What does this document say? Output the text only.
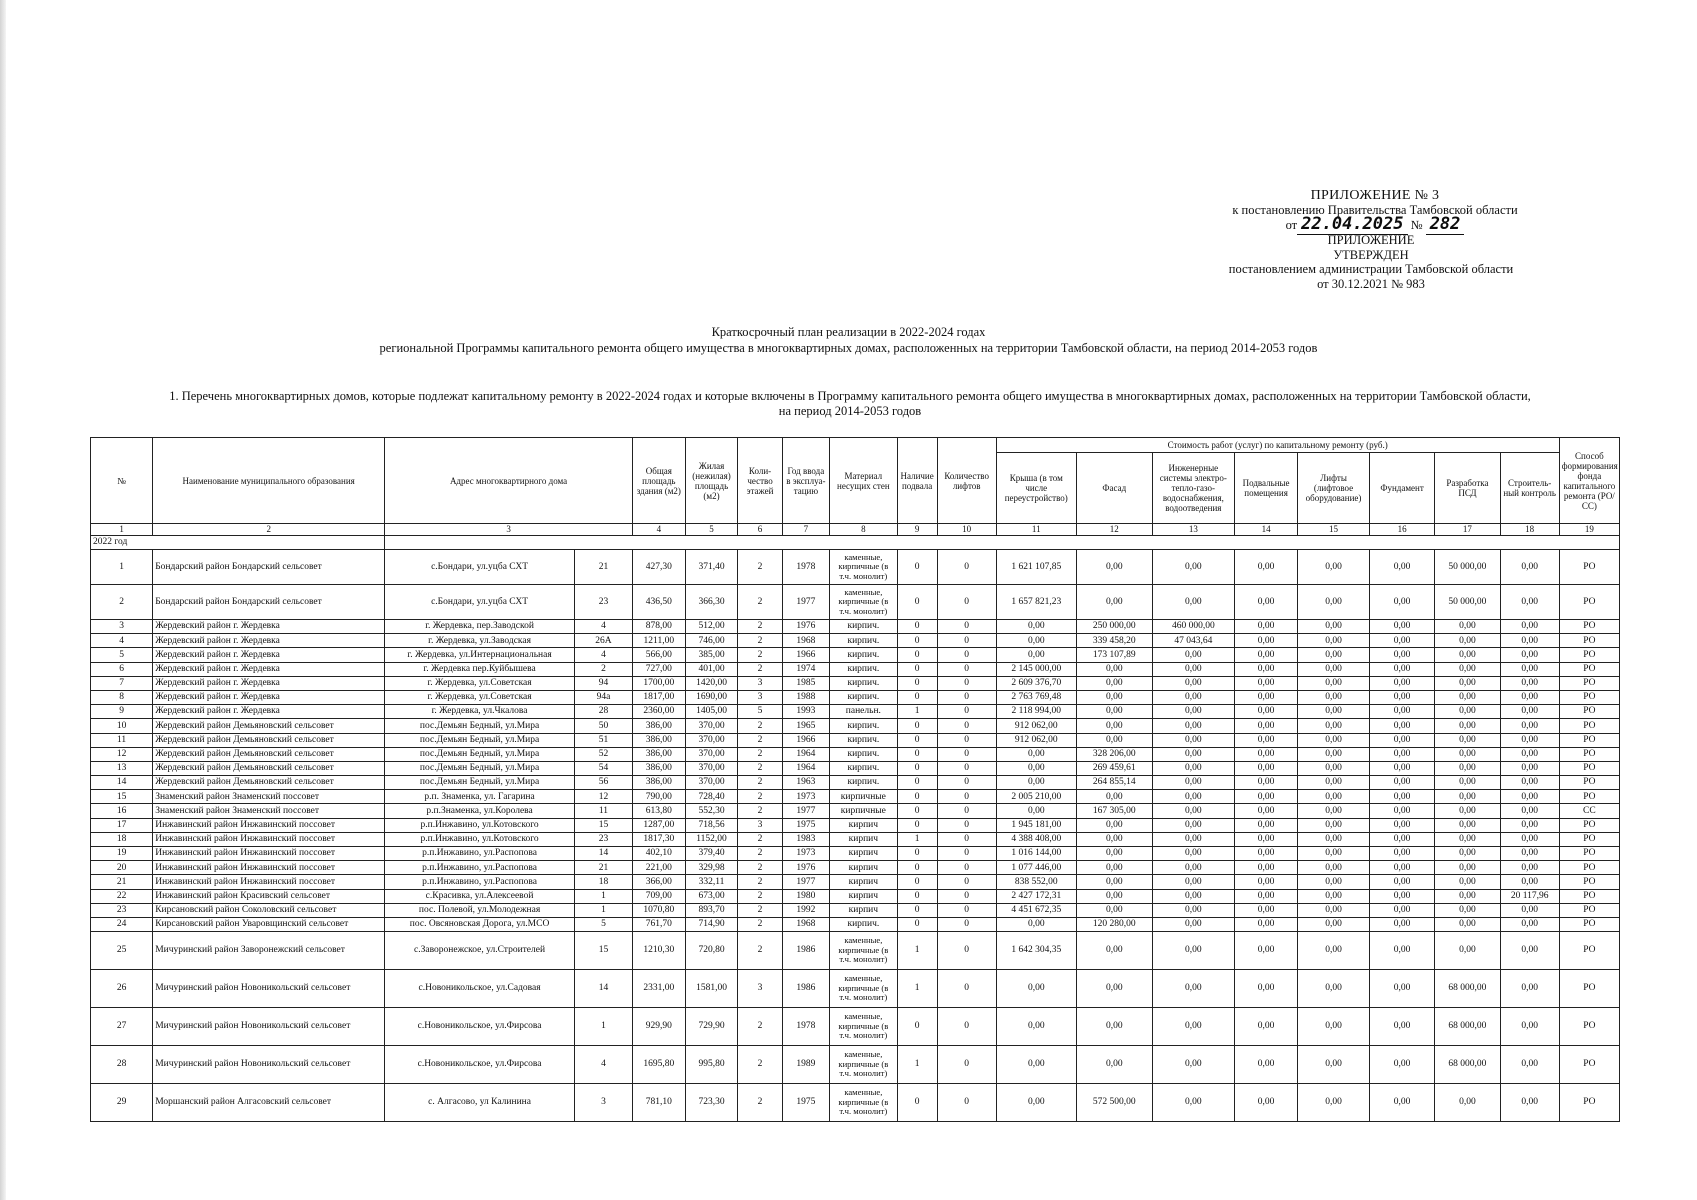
ПРИЛОЖЕНИЕ № 3
к постановлению Правительства Тамбовской области
от 22.04.2025 № 282
ПРИЛОЖЕНИЕ
УТВЕРЖДЕН
постановлением администрации Тамбовской области
от 30.12.2021 № 983
Краткосрочный план реализации в 2022-2024 годах
региональной Программы капитального ремонта общего имущества в многоквартирных домах, расположенных на территории Тамбовской области, на период 2014-2053 годов
1. Перечень многоквартирных домов, которые подлежат капитальному ремонту в 2022-2024 годах и которые включены в Программу капитального ремонта общего имущества в многоквартирных домах, расположенных на территории Тамбовской области,
на период 2014-2053 годов
№	Наименование муниципального образования	Адрес многоквартирного дома		Общая площадь здания (м2)	Жилая (нежилая) площадь (м2)	Коли-чество этажей	Год ввода в эксплуа-тацию	Материал несущих стен	Наличие подвала	Количество лифтов	Стоимость работ (услуг) по капитальному ремонту (руб.)								Способ формирования фонда капитального ремонта (РО/СС)
											Крыша (в том числе переустройство)	Фасад	Инженерные системы электро-тепло-газо-водоснабжения, водоотведения	Подвальные помещения	Лифты (лифтовое оборудование)	Фундамент	Разработка ПСД	Строитель-ный контроль	
1	2	3		4	5	6	7	8	9	10	11	12	13	14	15	16	17	18	19
2022 год																			
1	Бондарский район Бондарский сельсовет	с.Бондари, ул.уцба СХТ	21	427,30	371,40	2	1978	каменные, кирпичные (в т.ч. монолит)	0	0	1 621 107,85	0,00	0,00	0,00	0,00	0,00	50 000,00	0,00	РО
2	Бондарский район Бондарский сельсовет	с.Бондари, ул.уцба СХТ	23	436,50	366,30	2	1977	каменные, кирпичные (в т.ч. монолит)	0	0	1 657 821,23	0,00	0,00	0,00	0,00	0,00	50 000,00	0,00	РО
3	Жердевский район г. Жердевка	г. Жердевка, пер.Заводской	4	878,00	512,00	2	1976	кирпич.	0	0	0,00	250 000,00	460 000,00	0,00	0,00	0,00	0,00	0,00	РО
4	Жердевский район г. Жердевка	г. Жердевка, ул.Заводская	26А	1211,00	746,00	2	1968	кирпич.	0	0	0,00	339 458,20	47 043,64	0,00	0,00	0,00	0,00	0,00	РО
5	Жердевский район г. Жердевка	г. Жердевка, ул.Интернациональная	4	566,00	385,00	2	1966	кирпич.	0	0	0,00	173 107,89	0,00	0,00	0,00	0,00	0,00	0,00	РО
6	Жердевский район г. Жердевка	г. Жердевка пер.Куйбышева	2	727,00	401,00	2	1974	кирпич.	0	0	2 145 000,00	0,00	0,00	0,00	0,00	0,00	0,00	0,00	РО
7	Жердевский район г. Жердевка	г. Жердевка, ул.Советская	94	1700,00	1420,00	3	1985	кирпич.	0	0	2 609 376,70	0,00	0,00	0,00	0,00	0,00	0,00	0,00	РО
8	Жердевский район г. Жердевка	г. Жердевка, ул.Советская	94а	1817,00	1690,00	3	1988	кирпич.	0	0	2 763 769,48	0,00	0,00	0,00	0,00	0,00	0,00	0,00	РО
9	Жердевский район г. Жердевка	г. Жердевка, ул.Чкалова	28	2360,00	1405,00	5	1993	панельн.	1	0	2 118 994,00	0,00	0,00	0,00	0,00	0,00	0,00	0,00	РО
10	Жердевский район Демьяновский сельсовет	пос.Демьян Бедный, ул.Мира	50	386,00	370,00	2	1965	кирпич.	0	0	912 062,00	0,00	0,00	0,00	0,00	0,00	0,00	0,00	РО
11	Жердевский район Демьяновский сельсовет	пос.Демьян Бедный, ул.Мира	51	386,00	370,00	2	1966	кирпич.	0	0	912 062,00	0,00	0,00	0,00	0,00	0,00	0,00	0,00	РО
12	Жердевский район Демьяновский сельсовет	пос.Демьян Бедный, ул.Мира	52	386,00	370,00	2	1964	кирпич.	0	0	0,00	328 206,00	0,00	0,00	0,00	0,00	0,00	0,00	РО
13	Жердевский район Демьяновский сельсовет	пос.Демьян Бедный, ул.Мира	54	386,00	370,00	2	1964	кирпич.	0	0	0,00	269 459,61	0,00	0,00	0,00	0,00	0,00	0,00	РО
14	Жердевский район Демьяновский сельсовет	пос.Демьян Бедный, ул.Мира	56	386,00	370,00	2	1963	кирпич.	0	0	0,00	264 855,14	0,00	0,00	0,00	0,00	0,00	0,00	РО
15	Знаменский район Знаменский поссовет	р.п. Знаменка, ул. Гагарина	12	790,00	728,40	2	1973	кирпичные	0	0	2 005 210,00	0,00	0,00	0,00	0,00	0,00	0,00	0,00	РО
16	Знаменский район Знаменский поссовет	р.п.Знаменка, ул.Королева	11	613,80	552,30	2	1977	кирпичные	0	0	0,00	167 305,00	0,00	0,00	0,00	0,00	0,00	0,00	СС
17	Инжавинский район Инжавинский поссовет	р.п.Инжавино, ул.Котовского	15	1287,00	718,56	3	1975	кирпич	0	0	1 945 181,00	0,00	0,00	0,00	0,00	0,00	0,00	0,00	РО
18	Инжавинский район Инжавинский поссовет	р.п.Инжавино, ул.Котовского	23	1817,30	1152,00	2	1983	кирпич	1	0	4 388 408,00	0,00	0,00	0,00	0,00	0,00	0,00	0,00	РО
19	Инжавинский район Инжавинский поссовет	р.п.Инжавино, ул.Распопова	14	402,10	379,40	2	1973	кирпич	0	0	1 016 144,00	0,00	0,00	0,00	0,00	0,00	0,00	0,00	РО
20	Инжавинский район Инжавинский поссовет	р.п.Инжавино, ул.Распопова	21	221,00	329,98	2	1976	кирпич	0	0	1 077 446,00	0,00	0,00	0,00	0,00	0,00	0,00	0,00	РО
21	Инжавинский район Инжавинский поссовет	р.п.Инжавино, ул.Распопова	18	366,00	332,11	2	1977	кирпич	0	0	838 552,00	0,00	0,00	0,00	0,00	0,00	0,00	0,00	РО
22	Инжавинский район Красивский сельсовет	с.Красивка, ул.Алексеевой	1	709,00	673,00	2	1980	кирпич	0	0	2 427 172,31	0,00	0,00	0,00	0,00	0,00	0,00	20 117,96	РО
23	Кирсановский район Соколовский сельсовет	пос. Полевой, ул.Молодежная	1	1070,80	893,70	2	1992	кирпич	0	0	4 451 672,35	0,00	0,00	0,00	0,00	0,00	0,00	0,00	РО
24	Кирсановский район Уваровщинский сельсовет	пос. Овсяновская Дорога, ул.МСО	5	761,70	714,90	2	1968	кирпич.	0	0	0,00	120 280,00	0,00	0,00	0,00	0,00	0,00	0,00	РО
25	Мичуринский район Заворонежский сельсовет	с.Заворонежское, ул.Строителей	15	1210,30	720,80	2	1986	каменные, кирпичные (в т.ч. монолит)	1	0	1 642 304,35	0,00	0,00	0,00	0,00	0,00	0,00	0,00	РО
26	Мичуринский район Новоникольский сельсовет	с.Новоникольское, ул.Садовая	14	2331,00	1581,00	3	1986	каменные, кирпичные (в т.ч. монолит)	1	0	0,00	0,00	0,00	0,00	0,00	0,00	68 000,00	0,00	РО
27	Мичуринский район Новоникольский сельсовет	с.Новоникольское, ул.Фирсова	1	929,90	729,90	2	1978	каменные, кирпичные (в т.ч. монолит)	0	0	0,00	0,00	0,00	0,00	0,00	0,00	68 000,00	0,00	РО
28	Мичуринский район Новоникольский сельсовет	с.Новоникольское, ул.Фирсова	4	1695,80	995,80	2	1989	каменные, кирпичные (в т.ч. монолит)	1	0	0,00	0,00	0,00	0,00	0,00	0,00	68 000,00	0,00	РО
29	Моршанский район Алгасовский сельсовет	с. Алгасово, ул Калинина	3	781,10	723,30	2	1975	каменные, кирпичные (в т.ч. монолит)	0	0	0,00	572 500,00	0,00	0,00	0,00	0,00	0,00	0,00	РО
